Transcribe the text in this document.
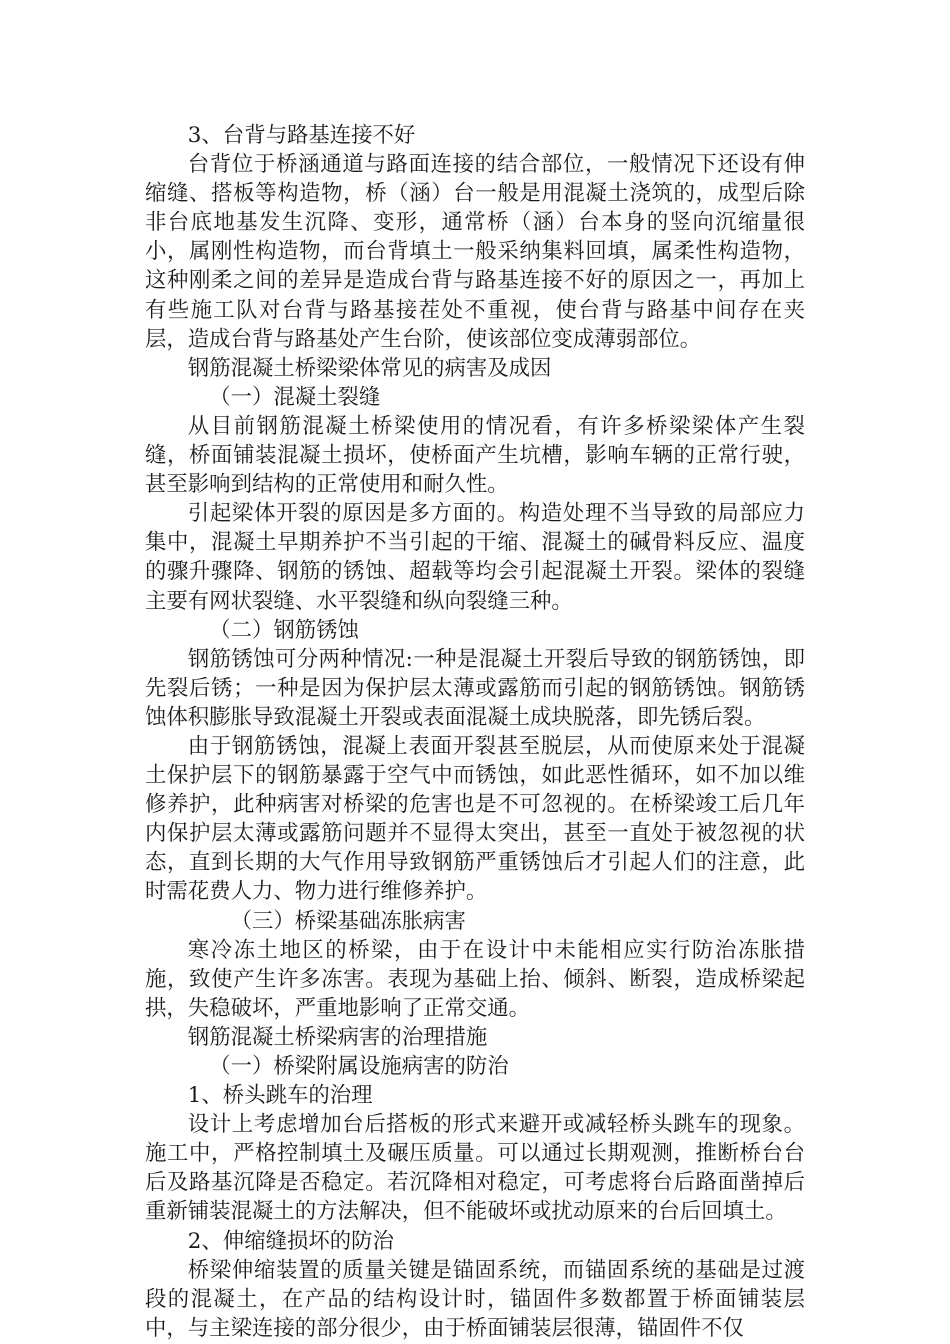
3、台背与路基连接不好

台背位于桥涵通道与路面连接的结合部位，一般情况下还设有伸缩缝、搭板等构造物，桥（涵）台一般是用混凝土浇筑的，成型后除非台底地基发生沉降、变形，通常桥（涵）台本身的竖向沉缩量很小，属刚性构造物，而台背填土一般采纳集料回填，属柔性构造物，这种刚柔之间的差异是造成台背与路基连接不好的原因之一，再加上有些施工队对台背与路基接茬处不重视，使台背与路基中间存在夹层，造成台背与路基处产生台阶，使该部位变成薄弱部位。

钢筋混凝土桥梁梁体常见的病害及成因
（一）混凝土裂缝

从目前钢筋混凝土桥梁使用的情况看，有许多桥梁梁体产生裂缝，桥面铺装混凝土损坏，使桥面产生坑槽，影响车辆的正常行驶，甚至影响到结构的正常使用和耐久性。

引起梁体开裂的原因是多方面的。构造处理不当导致的局部应力集中，混凝土早期养护不当引起的干缩、混凝土的碱骨料反应、温度的骤升骤降、钢筋的锈蚀、超载等均会引起混凝土开裂。梁体的裂缝主要有网状裂缝、水平裂缝和纵向裂缝三种。

（二）钢筋锈蚀

钢筋锈蚀可分两种情况:一种是混凝土开裂后导致的钢筋锈蚀，即先裂后锈；一种是因为保护层太薄或露筋而引起的钢筋锈蚀。钢筋锈蚀体积膨胀导致混凝土开裂或表面混凝土成块脱落，即先锈后裂。

由于钢筋锈蚀，混凝上表面开裂甚至脱层，从而使原来处于混凝土保护层下的钢筋暴露于空气中而锈蚀，如此恶性循环，如不加以维修养护，此种病害对桥梁的危害也是不可忽视的。在桥梁竣工后几年内保护层太薄或露筋问题并不显得太突出，甚至一直处于被忽视的状态，直到长期的大气作用导致钢筋严重锈蚀后才引起人们的注意，此时需花费人力、物力进行维修养护。

（三）桥梁基础冻胀病害

寒冷冻土地区的桥梁，由于在设计中未能相应实行防治冻胀措施，致使产生许多冻害。表现为基础上抬、倾斜、断裂，造成桥梁起拱，失稳破坏，严重地影响了正常交通。

钢筋混凝土桥梁病害的治理措施
（一）桥梁附属设施病害的防治
1、桥头跳车的治理

设计上考虑增加台后搭板的形式来避开或减轻桥头跳车的现象。施工中，严格控制填土及碾压质量。可以通过长期观测，推断桥台台后及路基沉降是否稳定。若沉降相对稳定，可考虑将台后路面凿掉后重新铺装混凝土的方法解决，但不能破坏或扰动原来的台后回填土。

2、伸缩缝损坏的防治

桥梁伸缩装置的质量关键是锚固系统，而锚固系统的基础是过渡段的混凝土，在产品的结构设计时，锚固件多数都置于桥面铺装层中，与主梁连接的部分很少，由于桥面铺装层很薄，锚固件不仅
